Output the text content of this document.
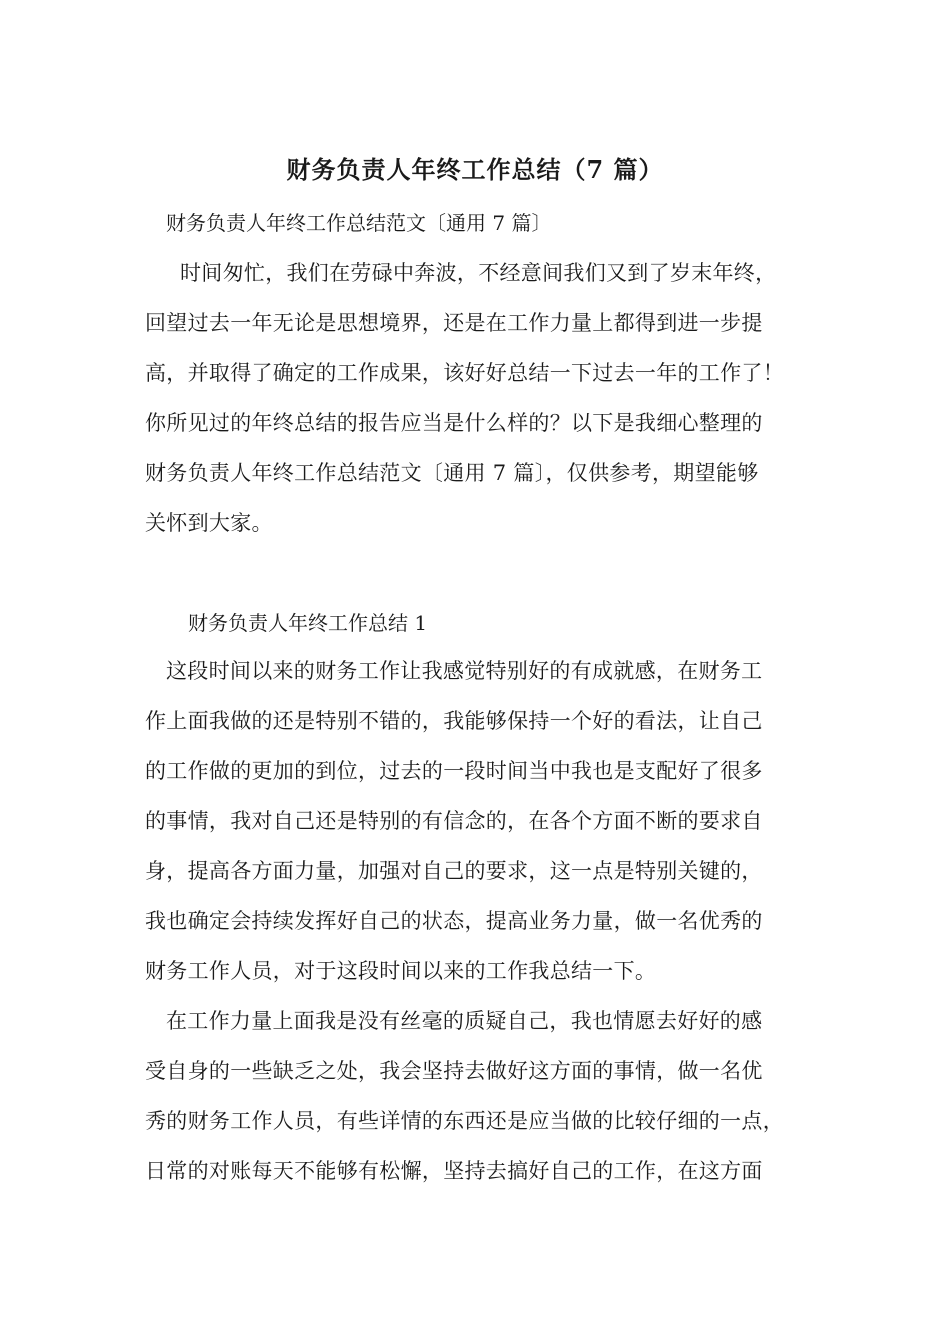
财务负责人年终工作总结（7 篇）
财务负责人年终工作总结范文〔通用 7 篇〕
时间匆忙，我们在劳碌中奔波，不经意间我们又到了岁末年终，
回望过去一年无论是思想境界，还是在工作力量上都得到进一步提
高，并取得了确定的工作成果，该好好总结一下过去一年的工作了！
你所见过的年终总结的报告应当是什么样的？以下是我细心整理的
财务负责人年终工作总结范文〔通用 7 篇〕，仅供参考，期望能够
关怀到大家。
财务负责人年终工作总结 1
这段时间以来的财务工作让我感觉特别好的有成就感，在财务工
作上面我做的还是特别不错的，我能够保持一个好的看法，让自己
的工作做的更加的到位，过去的一段时间当中我也是支配好了很多
的事情，我对自己还是特别的有信念的，在各个方面不断的要求自
身，提高各方面力量，加强对自己的要求，这一点是特别关键的，
我也确定会持续发挥好自己的状态，提高业务力量，做一名优秀的
财务工作人员，对于这段时间以来的工作我总结一下。
在工作力量上面我是没有丝毫的质疑自己，我也情愿去好好的感
受自身的一些缺乏之处，我会坚持去做好这方面的事情，做一名优
秀的财务工作人员，有些详情的东西还是应当做的比较仔细的一点，
日常的对账每天不能够有松懈，坚持去搞好自己的工作，在这方面
